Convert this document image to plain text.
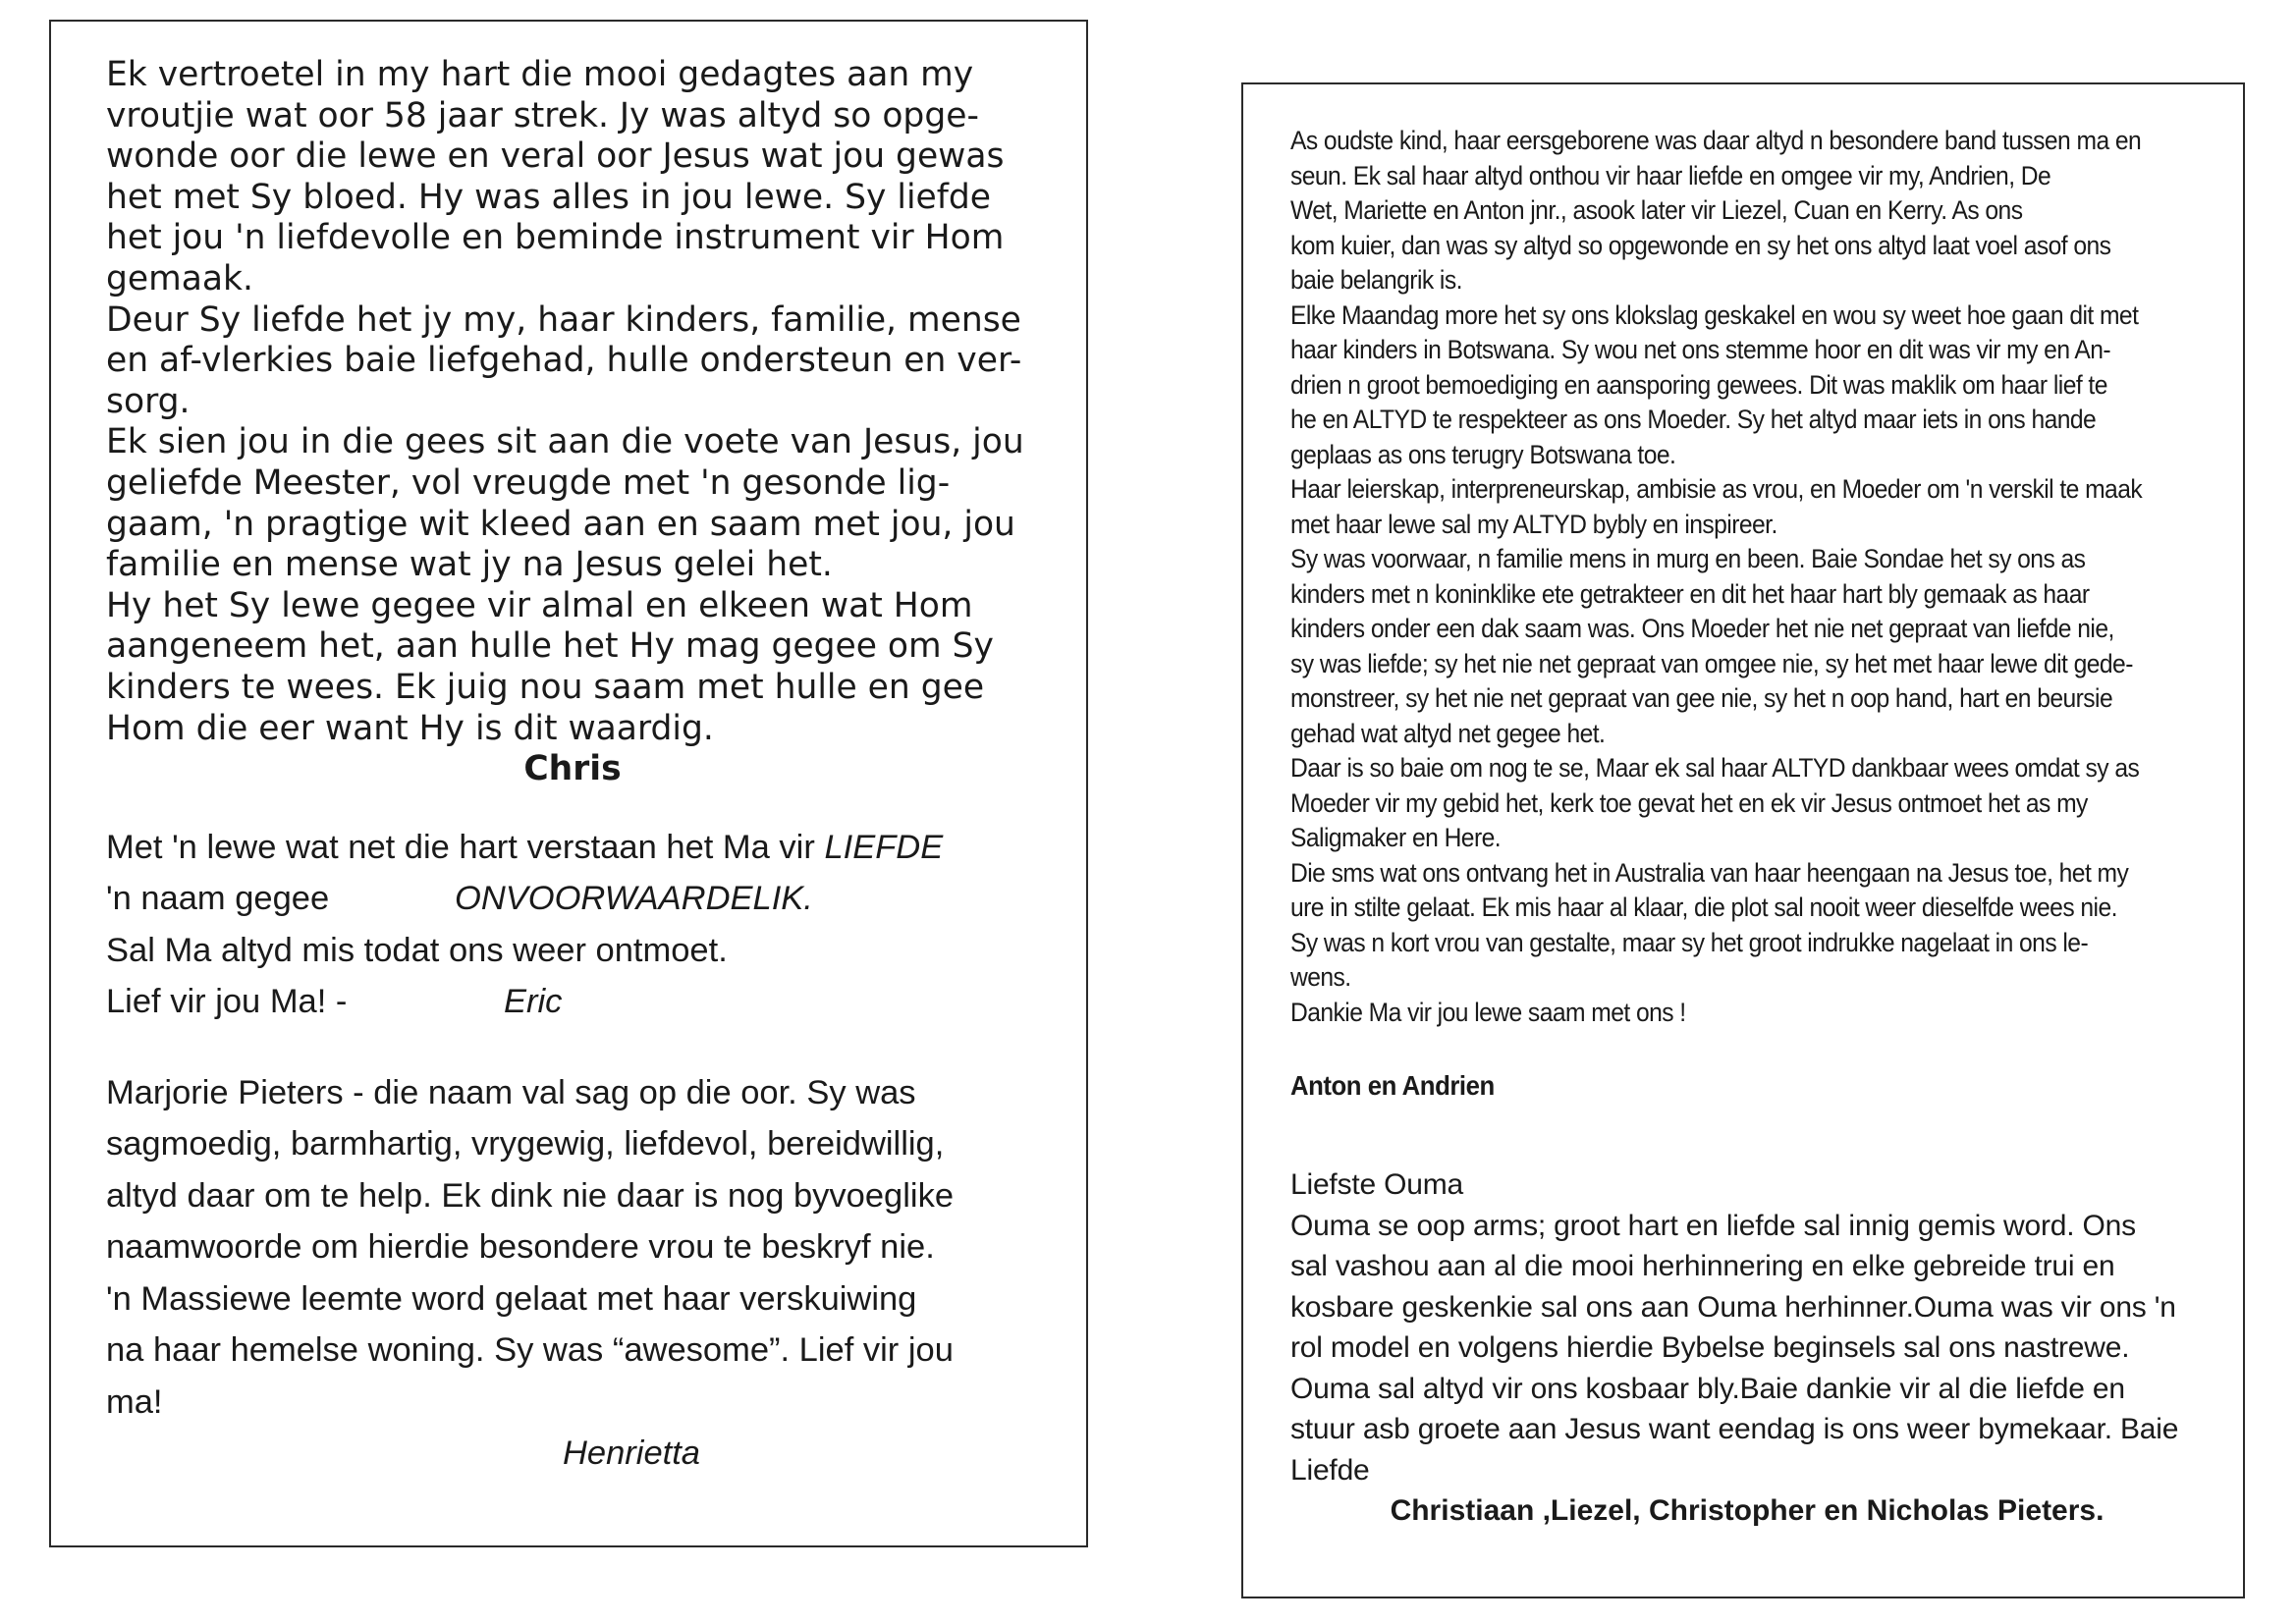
Ek vertroetel in my hart die mooi gedagtes aan my

vroutjie wat oor 58 jaar strek. Jy was altyd so opge-

wonde oor die lewe en veral oor Jesus wat jou gewas

het met Sy bloed. Hy was alles in jou lewe. Sy liefde

het jou 'n liefdevolle en beminde instrument vir Hom

gemaak.

Deur Sy liefde het jy my, haar kinders, familie, mense

en af-vlerkies baie liefgehad, hulle ondersteun en ver-

sorg.

Ek sien jou in die gees sit aan die voete van Jesus, jou

geliefde Meester, vol vreugde met 'n gesonde lig-

gaam, 'n pragtige wit kleed aan en saam met jou, jou

familie en mense wat jy na Jesus gelei het.

Hy het Sy lewe gegee vir almal en elkeen wat Hom

aangeneem het, aan hulle het Hy mag gegee om Sy

kinders te wees. Ek juig nou saam met hulle en gee

Hom die eer want Hy is dit waardig.

Chris

Met 'n lewe wat net die hart verstaan het Ma vir LIEFDE

'n naam gegee	ONVOORWAARDELIK.

Sal Ma altyd mis todat ons weer ontmoet.

Lief vir jou Ma! -	Eric

Marjorie Pieters - die naam val sag op die oor. Sy was

sagmoedig, barmhartig, vrygewig, liefdevol, bereidwillig,

altyd daar om te help. Ek dink nie daar is nog byvoeglike

naamwoorde om hierdie besondere vrou te beskryf nie.

'n Massiewe leemte word gelaat met haar verskuiwing

na haar hemelse woning. Sy was “awesome”. Lief vir jou

ma!

Henrietta

As oudste kind, haar eersgeborene was daar altyd n besondere band tussen ma en

seun. Ek sal haar altyd onthou vir haar liefde en omgee vir my, Andrien, De

Wet, Mariette en Anton jnr., asook later vir Liezel, Cuan en Kerry. As ons

kom kuier, dan was sy altyd so opgewonde en sy het ons altyd laat voel asof ons

baie belangrik is.

Elke Maandag more het sy ons klokslag geskakel en wou sy weet hoe gaan dit met

haar kinders in Botswana. Sy wou net ons stemme hoor en dit was vir my en An-

drien n groot bemoediging en aansporing gewees. Dit was maklik om haar lief te

he en ALTYD te respekteer as ons Moeder. Sy het altyd maar iets in ons hande

geplaas as ons terugry Botswana toe.

Haar leierskap, interpreneurskap, ambisie as vrou, en Moeder om 'n verskil te maak

met haar lewe sal my ALTYD bybly en inspireer.

Sy was voorwaar, n familie mens in murg en been. Baie Sondae het sy ons as

kinders met n koninklike ete getrakteer en dit het haar hart bly gemaak as haar

kinders onder een dak saam was. Ons Moeder het nie net gepraat van liefde nie,

sy was liefde; sy het nie net gepraat van omgee nie, sy het met haar lewe dit gede-

monstreer, sy het nie net gepraat van gee nie, sy het n oop hand, hart en beursie

gehad wat altyd net gegee het.

Daar is so baie om nog te se, Maar ek sal haar ALTYD dankbaar wees omdat sy as

Moeder vir my gebid het, kerk toe gevat het en ek vir Jesus ontmoet het as my

Saligmaker en Here.

Die sms wat ons ontvang het in Australia van haar heengaan na Jesus toe, het my

ure in stilte gelaat. Ek mis haar al klaar, die plot sal nooit weer dieselfde wees nie.

Sy was n kort vrou van gestalte, maar sy het groot indrukke nagelaat in ons le-

wens.

Dankie Ma vir jou lewe saam met ons !

Anton en Andrien

Liefste Ouma

Ouma se oop arms; groot hart en liefde sal innig gemis word. Ons

sal vashou aan al die mooi herhinnering en elke gebreide trui en

kosbare geskenkie sal ons aan Ouma herhinner.Ouma was vir ons 'n

rol model en volgens hierdie Bybelse beginsels sal ons nastrewe.

Ouma sal altyd vir ons kosbaar bly.Baie dankie vir al die liefde en

stuur asb groete aan Jesus want eendag is ons weer bymekaar. Baie

Liefde

Christiaan ,Liezel, Christopher en Nicholas Pieters.
